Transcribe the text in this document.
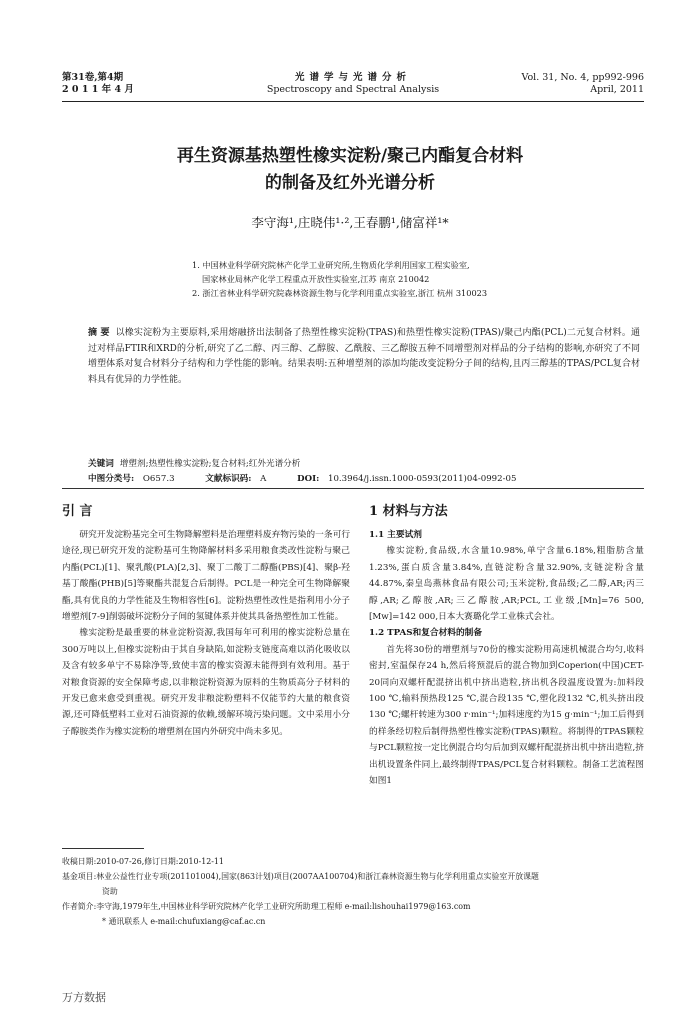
第31卷,第4期
2 0 1 1 年 4 月
光谱学与光谱分析
Spectroscopy and Spectral Analysis
Vol. 31, No. 4, pp992-996
April, 2011
再生资源基热塑性橡实淀粉/聚己内酯复合材料
的制备及红外光谱分析
李守海¹,庄晓伟¹·²,王春鹏¹,储富祥¹*
1. 中国林业科学研究院林产化学工业研究所,生物质化学利用国家工程实验室,
国家林业局林产化学工程重点开放性实验室,江苏 南京 210042
2. 浙江省林业科学研究院森林资源生物与化学利用重点实验室,浙江 杭州 310023
摘 要 以橡实淀粉为主要原料,采用熔融挤出法制备了热塑性橡实淀粉(TPAS)和热塑性橡实淀粉(TPAS)/聚己内酯(PCL)二元复合材料。通过对样品FTIR和XRD的分析,研究了乙二醇、丙三醇、乙醇胺、乙酰胺、三乙醇胺五种不同增塑剂对样品的分子结构的影响,亦研究了不同增塑体系对复合材料分子结构和力学性能的影响。结果表明:五种增塑剂的添加均能改变淀粉分子间的结构,且丙三醇基的TPAS/PCL复合材料具有优异的力学性能。
关键词 增塑剂;热塑性橡实淀粉;复合材料;红外光谱分析
中图分类号: O657.3	文献标识码: A	DOI: 10.3964/j.issn.1000-0593(2011)04-0992-05
引 言	1 材料与方法

研究开发淀粉基完全可生物降解塑料是治理塑料废弃物污染的一条可行途径,现已研究开发的淀粉基可生物降解材料多采用粮食类改性淀粉与聚己内酯(PCL)[1]、聚乳酸(PLA)[2,3]、聚丁二酸丁二醇酯(PBS)[4]、聚β-羟基丁酸酯(PHB)[5]等聚酯共混复合后制得。PCL是一种完全可生物降解聚酯,具有优良的力学性能及生物相容性[6]。淀粉热塑性改性是指利用小分子增塑剂[7-9]削弱破坏淀粉分子间的氢键体系并使其具备热塑性加工性能。

橡实淀粉是最重要的林业淀粉资源,我国每年可利用的橡实淀粉总量在300万吨以上,但橡实淀粉由于其自身缺陷,如淀粉支链度高难以消化吸收以及含有较多单宁不易除净等,致使丰富的橡实资源未能得到有效利用。基于对粮食资源的安全保障考虑,以非粮淀粉资源为原料的生物质高分子材料的开发已愈来愈受到重视。研究开发非粮淀粉塑料不仅能节约大量的粮食资源,还可降低塑料工业对石油资源的依赖,缓解环境污染问题。文中采用小分子醇胺类作为橡实淀粉的增塑剂在国内外研究中尚未多见。

1.1 主要试剂

橡实淀粉,食品级,水含量10.98%,单宁含量6.18%,粗脂肪含量1.23%,蛋白质含量3.84%,直链淀粉含量32.90%,支链淀粉含量44.87%,秦皇岛燕林食品有限公司;玉米淀粉,食品级;乙二醇,AR;丙三醇,AR;乙醇胺,AR;三乙醇胺,AR;PCL,工业级,[Mn]=76 500,[Mw]=142 000,日本大赛璐化学工业株式会社。

1.2 TPAS和复合材料的制备

首先将30份的增塑剂与70份的橡实淀粉用高速机械混合均匀,收料密封,室温保存24 h,然后将预混后的混合物加到Coperion(中国)CET-20同向双螺杆配混挤出机中挤出造粒,挤出机各段温度设置为:加料段100 ℃,输料预热段125 ℃,混合段135 ℃,塑化段132 ℃,机头挤出段130 ℃;螺杆转速为300 r·min⁻¹;加料速度约为15 g·min⁻¹;加工后得到的样条经切粒后制得热塑性橡实淀粉(TPAS)颗粒。将制得的TPAS颗粒与PCL颗粒按一定比例混合均匀后加到双螺杆配混挤出机中挤出造粒,挤出机设置条件同上,最终制得TPAS/PCL复合材料颗粒。制备工艺流程图如图1

收稿日期:2010-07-26,修订日期:2010-12-11
基金项目:林业公益性行业专项(201101004),国家(863计划)项目(2007AA100704)和浙江森林资源生物与化学利用重点实验室开放课题
资助
作者简介:李守海,1979年生,中国林业科学研究院林产化学工业研究所助理工程师 e-mail:lishouhai1979@163.com
* 通讯联系人 e-mail:chufuxiang@caf.ac.cn
万方数据
